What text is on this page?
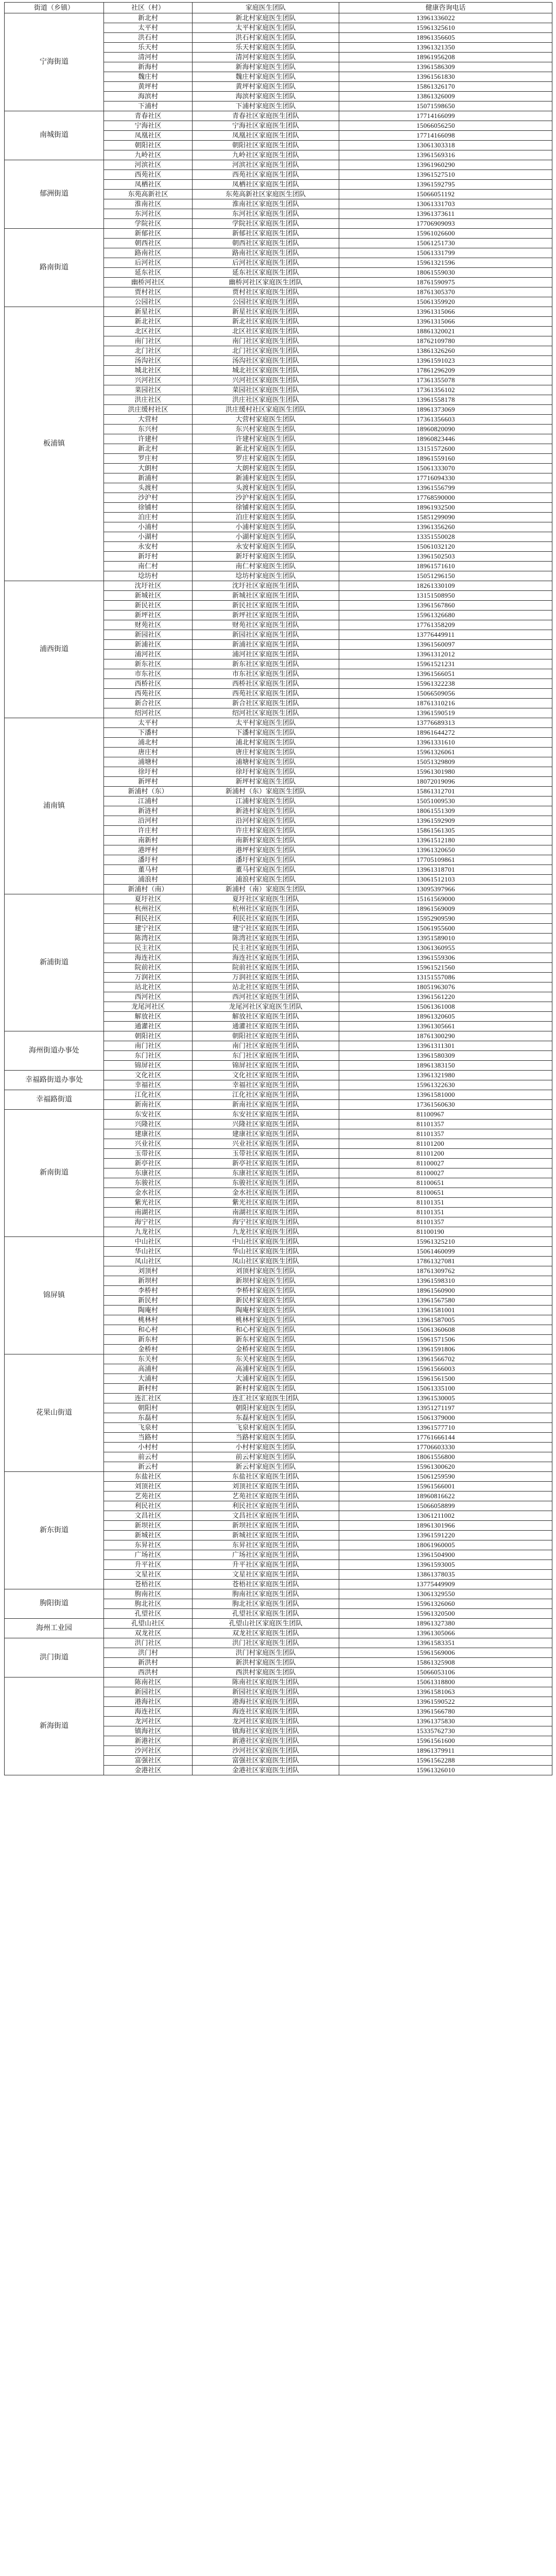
街道（乡镇）	社区（村）	家庭医生团队	健康咨询电话
宁海街道	新北村	新北村家庭医生团队	13961336022
	太平村	太平村家庭医生团队	15961325610
	洪石村	洪石村家庭医生团队	18961356605
	乐天村	乐天村家庭医生团队	13961321350
	清河村	清河村家庭医生团队	18961956208
	新海村	新海村家庭医生团队	13961586309
	魏庄村	魏庄村家庭医生团队	13961561830
	黄坪村	黄坪村家庭医生团队	15861326170
	海滨村	海滨村家庭医生团队	13861326009
	下浦村	下浦村家庭医生团队	15071598650
南城街道	青春社区	青春社区家庭医生团队	17714166099
	宁海社区	宁海社区家庭医生团队	15066056250
	凤凰社区	凤凰社区家庭医生团队	17714166098
	朝阳社区	朝阳社区家庭医生团队	13061303318
	九岭社区	九岭社区家庭医生团队	13961569316
郁洲街道	河滨社区	河滨社区家庭医生团队	13961960290
	西苑社区	西苑社区家庭医生团队	13961527510
	凤栖社区	凤栖社区家庭医生团队	13961592795
	东苑高新社区	东苑高新社区家庭医生团队	15066051192
	淮南社区	淮南社区家庭医生团队	13061331703
	东河社区	东河社区家庭医生团队	13961373611
	学院社区	学院社区家庭医生团队	17706909093
路南街道	新郁社区	新郁社区家庭医生团队	15961026600
	朝西社区	朝西社区家庭医生团队	15061251730
	路南社区	路南社区家庭医生团队	15061331799
	后河社区	后河社区家庭医生团队	15961321596
	延东社区	延东社区家庭医生团队	18061559030
	幽桥河社区	幽桥河社区家庭医生团队	18761590975
	贾村社区	贾村社区家庭医生团队	18761305370
	公园社区	公园社区家庭医生团队	15061359920
板浦镇	新星社区	新星社区家庭医生团队	13961315066
	新北社区	新北社区家庭医生团队	13961315066
	北区社区	北区社区家庭医生团队	18861320021
	南门社区	南门社区家庭医生团队	18762109780
	北门社区	北门社区家庭医生团队	13861326260
	汤沟社区	汤沟社区家庭医生团队	13961591023
	城北社区	城北社区家庭医生团队	17861296209
	兴河社区	兴河社区家庭医生团队	17361355078
	菜园社区	菜园社区家庭医生团队	17361356102
	洪庄社区	洪庄社区家庭医生团队	13961558178
	洪庄缓村社区	洪庄缓村社区家庭医生团队	18961373069
	大营村	大营村家庭医生团队	17361356603
	东兴村	东兴村家庭医生团队	18960820090
	许建村	许建村家庭医生团队	18960823446
	新北村	新北村家庭医生团队	13151572600
	罗庄村	罗庄村家庭医生团队	18961559160
	大朗村	大朗村家庭医生团队	15061333070
	新浦村	新浦村家庭医生团队	17716094330
	头渡村	头渡村家庭医生团队	13961556799
	沙沪村	沙沪村家庭医生团队	17768590000
	徐铺村	徐铺村家庭医生团队	18961932500
	泊庄村	泊庄村家庭医生团队	15851299090
	小浦村	小浦村家庭医生团队	13961356260
	小湖村	小湖村家庭医生团队	13351550028
	永安村	永安村家庭医生团队	15061032120
	新圩村	新圩村家庭医生团队	13961502503
	南仁村	南仁村家庭医生团队	18961571610
	埝坊村	埝坊村家庭医生团队	15051296150
浦西街道	沈圩社区	沈圩社区家庭医生团队	18261330109
	新城社区	新城社区家庭医生团队	13151508950
	新民社区	新民社区家庭医生团队	13961567860
	新坪社区	新坪社区家庭医生团队	15961326680
	财苑社区	财苑社区家庭医生团队	17761358209
	新园社区	新园社区家庭医生团队	13776449911
	新浦社区	新浦社区家庭医生团队	13961560097
	浦河社区	浦河社区家庭医生团队	13961312012
	新东社区	新东社区家庭医生团队	15961521231
	市东社区	市东社区家庭医生团队	13961566051
	西桥社区	西桥社区家庭医生团队	15961322238
	西苑社区	西苑社区家庭医生团队	15066509056
	新合社区	新合社区家庭医生团队	18761310216
	绍河社区	绍河社区家庭医生团队	13961590519
浦南镇	太平村	太平村家庭医生团队	13776689313
	下潘村	下潘村家庭医生团队	18961644272
	浦北村	浦北村家庭医生团队	13961331610
	唐庄村	唐庄村家庭医生团队	15961326061
	浦塘村	浦塘村家庭医生团队	15051329809
	徐圩村	徐圩村家庭医生团队	15961301980
	新坪村	新坪村家庭医生团队	18072019096
	新浦村（东）	新浦村（东）家庭医生团队	15861312701
	江浦村	江浦村家庭医生团队	15051009530
	新涟村	新涟村家庭医生团队	18061551309
	沿河村	沿河村家庭医生团队	13961592909
	许庄村	许庄村家庭医生团队	15861561305
	南新村	南新村家庭医生团队	13961512180
	港坪村	港坪村家庭医生团队	13961320650
	潘圩村	潘圩村家庭医生团队	17705109861
	董马村	董马村家庭医生团队	13961318701
	浦浪村	浦浪村家庭医生团队	13061512103
	新浦村（南）	新浦村（南）家庭医生团队	13095397966
新浦街道	夏圩社区	夏圩社区家庭医生团队	15161569000
	杭州社区	杭州社区家庭医生团队	18961569009
	利民社区	利民社区家庭医生团队	15952909590
	建宁社区	建宁社区家庭医生团队	15061955600
	陈湾社区	陈湾社区家庭医生团队	13951589010
	民主社区	民主社区家庭医生团队	13061360955
	海连社区	海连社区家庭医生团队	13961559306
	院前社区	院前社区家庭医生团队	15961521560
	万润社区	万润社区家庭医生团队	13151557086
	站北社区	站北社区家庭医生团队	18051963076
	西河社区	西河社区家庭医生团队	13961561220
	龙尾河社区	龙尾河社区家庭医生团队	15061361008
	解放社区	解放社区家庭医生团队	18961320605
	通灌社区	通灌社区家庭医生团队	13961305661
海州街道办事处	朝阳社区	朝阳社区家庭医生团队	18761300290
	南门社区	南门社区家庭医生团队	13961311301
	东门社区	东门社区家庭医生团队	13961580309
	锦屏社区	锦屏社区家庭医生团队	18961383150
幸福路街道办事处	文化社区	文化社区家庭医生团队	13961321980
	幸福社区	幸福社区家庭医生团队	15961322630
幸福路街道	江化社区	江化社区家庭医生团队	13961581000
	新南社区	新南社区家庭医生团队	17361560630
新南街道	东安社区	东安社区家庭医生团队	81100967
	兴隆社区	兴隆社区家庭医生团队	81101357
	建康社区	建康社区家庭医生团队	81101357
	兴业社区	兴业社区家庭医生团队	81101200
	玉带社区	玉带社区家庭医生团队	81101200
	新亭社区	新亭社区家庭医生团队	81100027
	东康社区	东康社区家庭医生团队	81100027
	东骏社区	东骏社区家庭医生团队	81100651
	金水社区	金水社区家庭医生团队	81100651
	紫光社区	紫光社区家庭医生团队	81101351
	南湖社区	南湖社区家庭医生团队	81101351
	海宁社区	海宁社区家庭医生团队	81101357
	九龙社区	九龙社区家庭医生团队	81100190
锦屏镇	中山社区	中山社区家庭医生团队	15961325210
	华山社区	华山社区家庭医生团队	15061460099
	凤山社区	凤山社区家庭医生团队	17861327081
	刘顶村	刘顶村家庭医生团队	18761309762
	新坝村	新坝村家庭医生团队	13961598310
	李桥村	李桥村家庭医生团队	18961560900
	新民村	新民村家庭医生团队	13961567580
	陶庵村	陶庵村家庭医生团队	13961581001
	桃林村	桃林村家庭医生团队	13961587005
	和心村	和心村家庭医生团队	15061360608
	新东村	新东村家庭医生团队	15961571506
	金桥村	金桥村家庭医生团队	13961591806
花果山街道	东关村	东关村家庭医生团队	13961566702
	高浦村	高浦村家庭医生团队	15961566003
	大浦村	大浦村家庭医生团队	15961561500
	新村村	新村村家庭医生团队	15061335100
	连汇社区	连汇社区家庭医生团队	13961530005
	朝阳村	朝阳村家庭医生团队	13951271197
	东磊村	东磊村家庭医生团队	15061379000
	飞泉村	飞泉村家庭医生团队	13961577710
	当路村	当路村家庭医生团队	17761666144
	小村村	小村村家庭医生团队	17706603330
	前云村	前云村家庭医生团队	18061556800
	新云村	新云村家庭医生团队	15961300620
新东街道	东盐社区	东盐社区家庭医生团队	15061259590
	刘顶社区	刘顶社区家庭医生团队	15961566001
	艺苑社区	艺苑社区家庭医生团队	18960816622
	利民社区	利民社区家庭医生团队	15066058899
	文昌社区	文昌社区家庭医生团队	13061211002
	新坝社区	新坝社区家庭医生团队	18961301966
	新城社区	新城社区家庭医生团队	13961591220
	东昇社区	东昇社区家庭医生团队	18061960005
	广场社区	广场社区家庭医生团队	13961504900
	升平社区	升平社区家庭医生团队	13961593005
	文星社区	文星社区家庭医生团队	13861378035
	苍梧社区	苍梧社区家庭医生团队	13775449909
朐阳街道	朐南社区	朐南社区家庭医生团队	13061329550
	朐北社区	朐北社区家庭医生团队	15961326060
	孔望社区	孔望社区家庭医生团队	15961320500
海州工业园	孔望山社区	孔望山社区家庭医生团队	18961327380
	双龙社区	双龙社区家庭医生团队	13961305066
洪门街道	洪门社区	洪门社区家庭医生团队	13961583351
	洪门村	洪门村家庭医生团队	15961569006
	新洪村	新洪村家庭医生团队	15861325908
	西洪村	西洪村家庭医生团队	15066053106
新海街道	陈南社区	陈南社区家庭医生团队	15061318800
	新园社区	新园社区家庭医生团队	13961581063
	港海社区	港海社区家庭医生团队	13961590522
	海连社区	海连社区家庭医生团队	13961566780
	龙河社区	龙河社区家庭医生团队	13961375830
	镇海社区	镇海社区家庭医生团队	15335762730
	新港社区	新港社区家庭医生团队	15961561600
	沙河社区	沙河社区家庭医生团队	18961379911
	富强社区	富强社区家庭医生团队	15961562288
	金港社区	金港社区家庭医生团队	15961326010
